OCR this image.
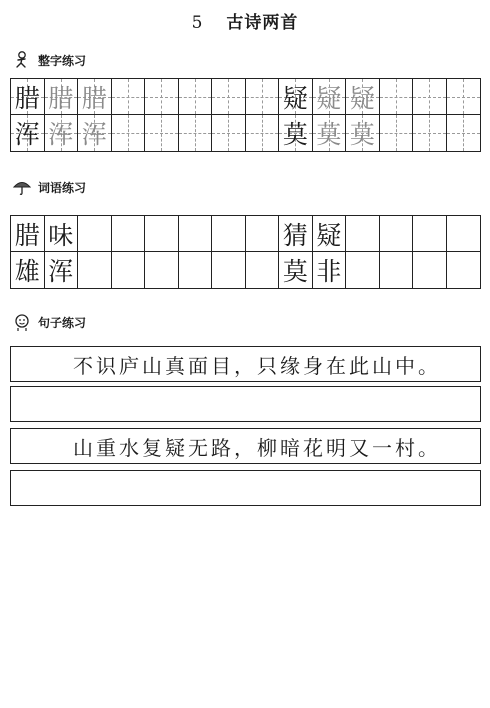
5 古诗两首
整字练习
腊 腊 腊	疑 疑 疑
浑 浑 浑	莫 莫 莫
词语练习
腊 味	猜 疑
雄 浑	莫 非
句子练习
不识庐山真面目，只缘身在此山中。
山重水复疑无路，柳暗花明又一村。
